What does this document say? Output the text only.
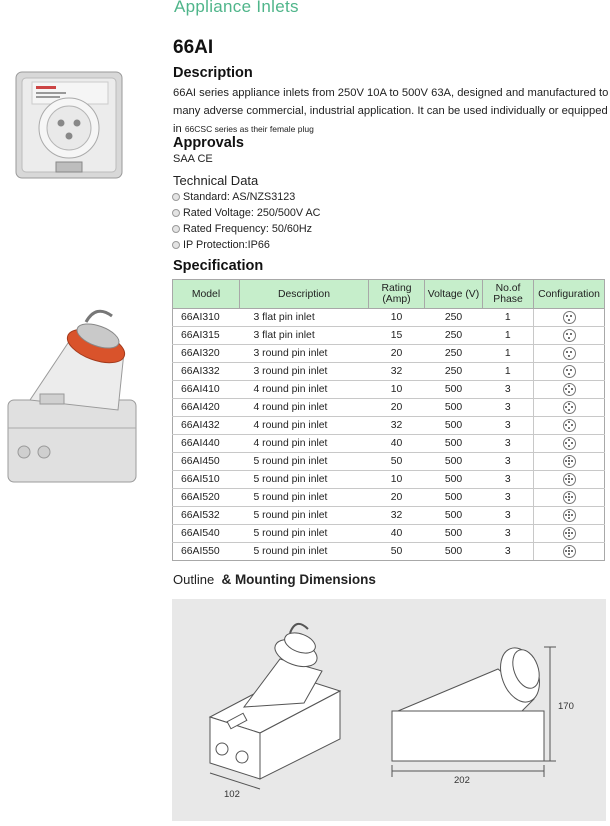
Appliance Inlets
66AI
Description
66AI series appliance inlets from 250V 10A to 500V 63A, designed and manufactured to many adverse commercial, industrial application. It can be used individually or equipped in 66CSC series as their female plug
Approvals
SAA CE
Technical Data
Standard: AS/NZS3123
Rated Voltage: 250/500V AC
Rated Frequency: 50/60Hz
IP Protection:IP66
Specification
Model	Description	Rating (Amp)	Voltage (V)	No.of Phase	Configuration
66AI310	3 flat pin inlet	10	250	1	

66AI315	3 flat pin inlet	15	250	1	

66AI320	3 round pin inlet	20	250	1	

66AI332	3 round pin inlet	32	250	1	

66AI410	4 round pin inlet	10	500	3	

66AI420	4 round pin inlet	20	500	3	

66AI432	4 round pin inlet	32	500	3	

66AI440	4 round pin inlet	40	500	3	

66AI450	5 round pin inlet	50	500	3	

66AI510	5 round pin inlet	10	500	3	

66AI520	5 round pin inlet	20	500	3	

66AI532	5 round pin inlet	32	500	3	

66AI540	5 round pin inlet	40	500	3	

66AI550	5 round pin inlet	50	500	3	
Outline & Mounting Dimensions
102
202
170
